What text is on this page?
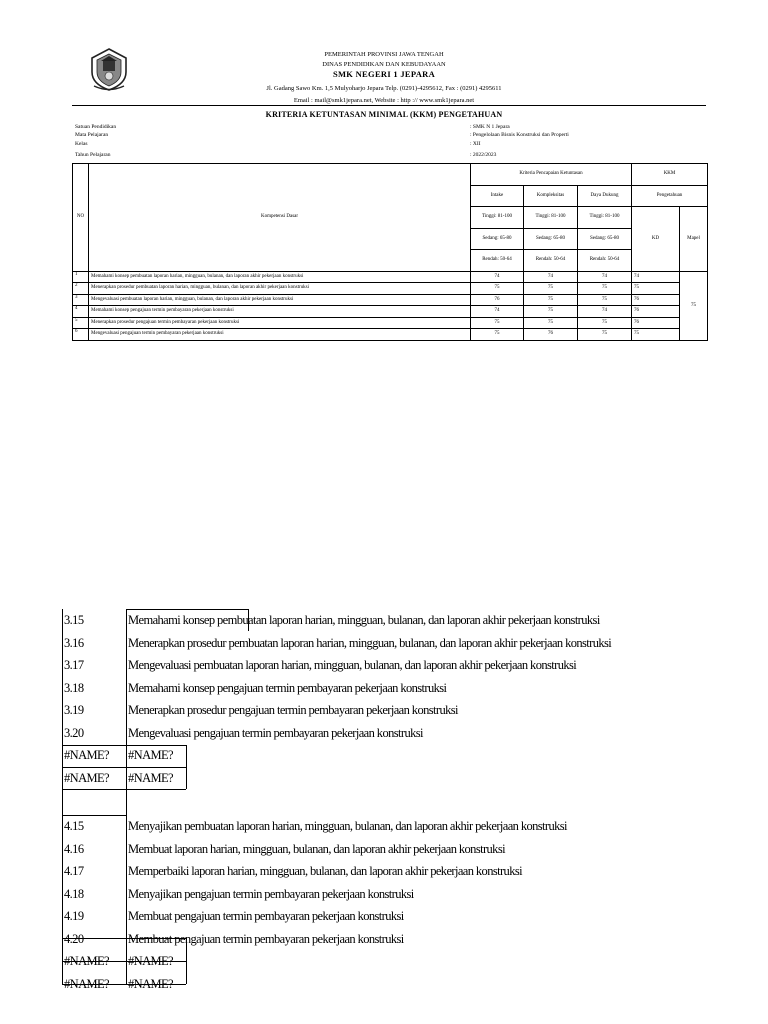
PEMERINTAH PROVINSI JAWA TENGAH
DINAS PENDIDIKAN DAN KEBUDAYAAN
SMK NEGERI 1 JEPARA
Jl. Gadang Sawo Km. 1,5 Mulyoharjo Jepara Telp. (0291)-4295612, Fax : (0291) 4295611
Email : mail@smk1jepara.net, Website : http :// www.smk1jepara.net
KRITERIA KETUNTASAN MINIMAL (KKM) PENGETAHUAN
Satuan Pendidikan	: SMK N 1 Jepara
Mata Pelajaran	: Pengelolaan Bisnis Konstruksi dan Properti
Kelas	: XII
Tahun Pelajaran	: 2022/2023
NO	Kompetensi Dasar	Kriteria Pencapaian Ketuntasan			KKM	
		Intake	Kompleksitas	Daya Dukung	Pengetahuan	
		Tinggi: 81-100	Tinggi: 81-100	Tinggi: 81-100	KD	Mapel
		Sedang: 65-80	Sedang: 65-80	Sedang: 65-80		
		Rendah: 50-64	Rendah: 50-64	Rendah: 50-64		
1	Memahami konsep pembuatan laporan harian, mingguan, bulanan, dan laporan akhir pekerjaan konstruksi	74	74	74	74	75
2	Menerapkan prosedur pembuatan laporan harian, mingguan, bulanan, dan laporan akhir pekerjaan konstruksi	75	75	75	75	
3	Mengevaluasi pembuatan laporan harian, mingguan, bulanan, dan laporan akhir pekerjaan konstruksi	76	75	75	76	
4	Memahami konsep pengajuan termin pembayaran pekerjaan konstruksi	74	75	74	76	
5	Menerapkan prosedur pengajuan termin pembayaran pekerjaan konstruksi	75	75	75	76	
6	Mengevaluasi pengajuan termin pembayaran pekerjaan konstruksi	75	76	75	75	
3.15	Memahami konsep pembuatan laporan harian, mingguan, bulanan, dan laporan akhir pekerjaan konstruksi
3.16	Menerapkan prosedur pembuatan laporan harian, mingguan, bulanan, dan laporan akhir pekerjaan konstruksi
3.17	Mengevaluasi pembuatan laporan harian, mingguan, bulanan, dan laporan akhir pekerjaan konstruksi
3.18	Memahami konsep pengajuan termin pembayaran pekerjaan konstruksi
3.19	Menerapkan prosedur pengajuan termin pembayaran pekerjaan konstruksi
3.20	Mengevaluasi pengajuan termin pembayaran pekerjaan konstruksi
#NAME?	#NAME?
#NAME?	#NAME?
4.15	Menyajikan pembuatan laporan harian, mingguan, bulanan, dan laporan akhir pekerjaan konstruksi
4.16	Membuat laporan harian, mingguan, bulanan, dan laporan akhir pekerjaan konstruksi
4.17	Memperbaiki laporan harian, mingguan, bulanan, dan laporan akhir pekerjaan konstruksi
4.18	Menyajikan pengajuan termin pembayaran pekerjaan konstruksi
4.19	Membuat pengajuan termin pembayaran pekerjaan konstruksi
4.20	Membuat pengajuan termin pembayaran pekerjaan konstruksi
#NAME?	#NAME?
#NAME?	#NAME?
